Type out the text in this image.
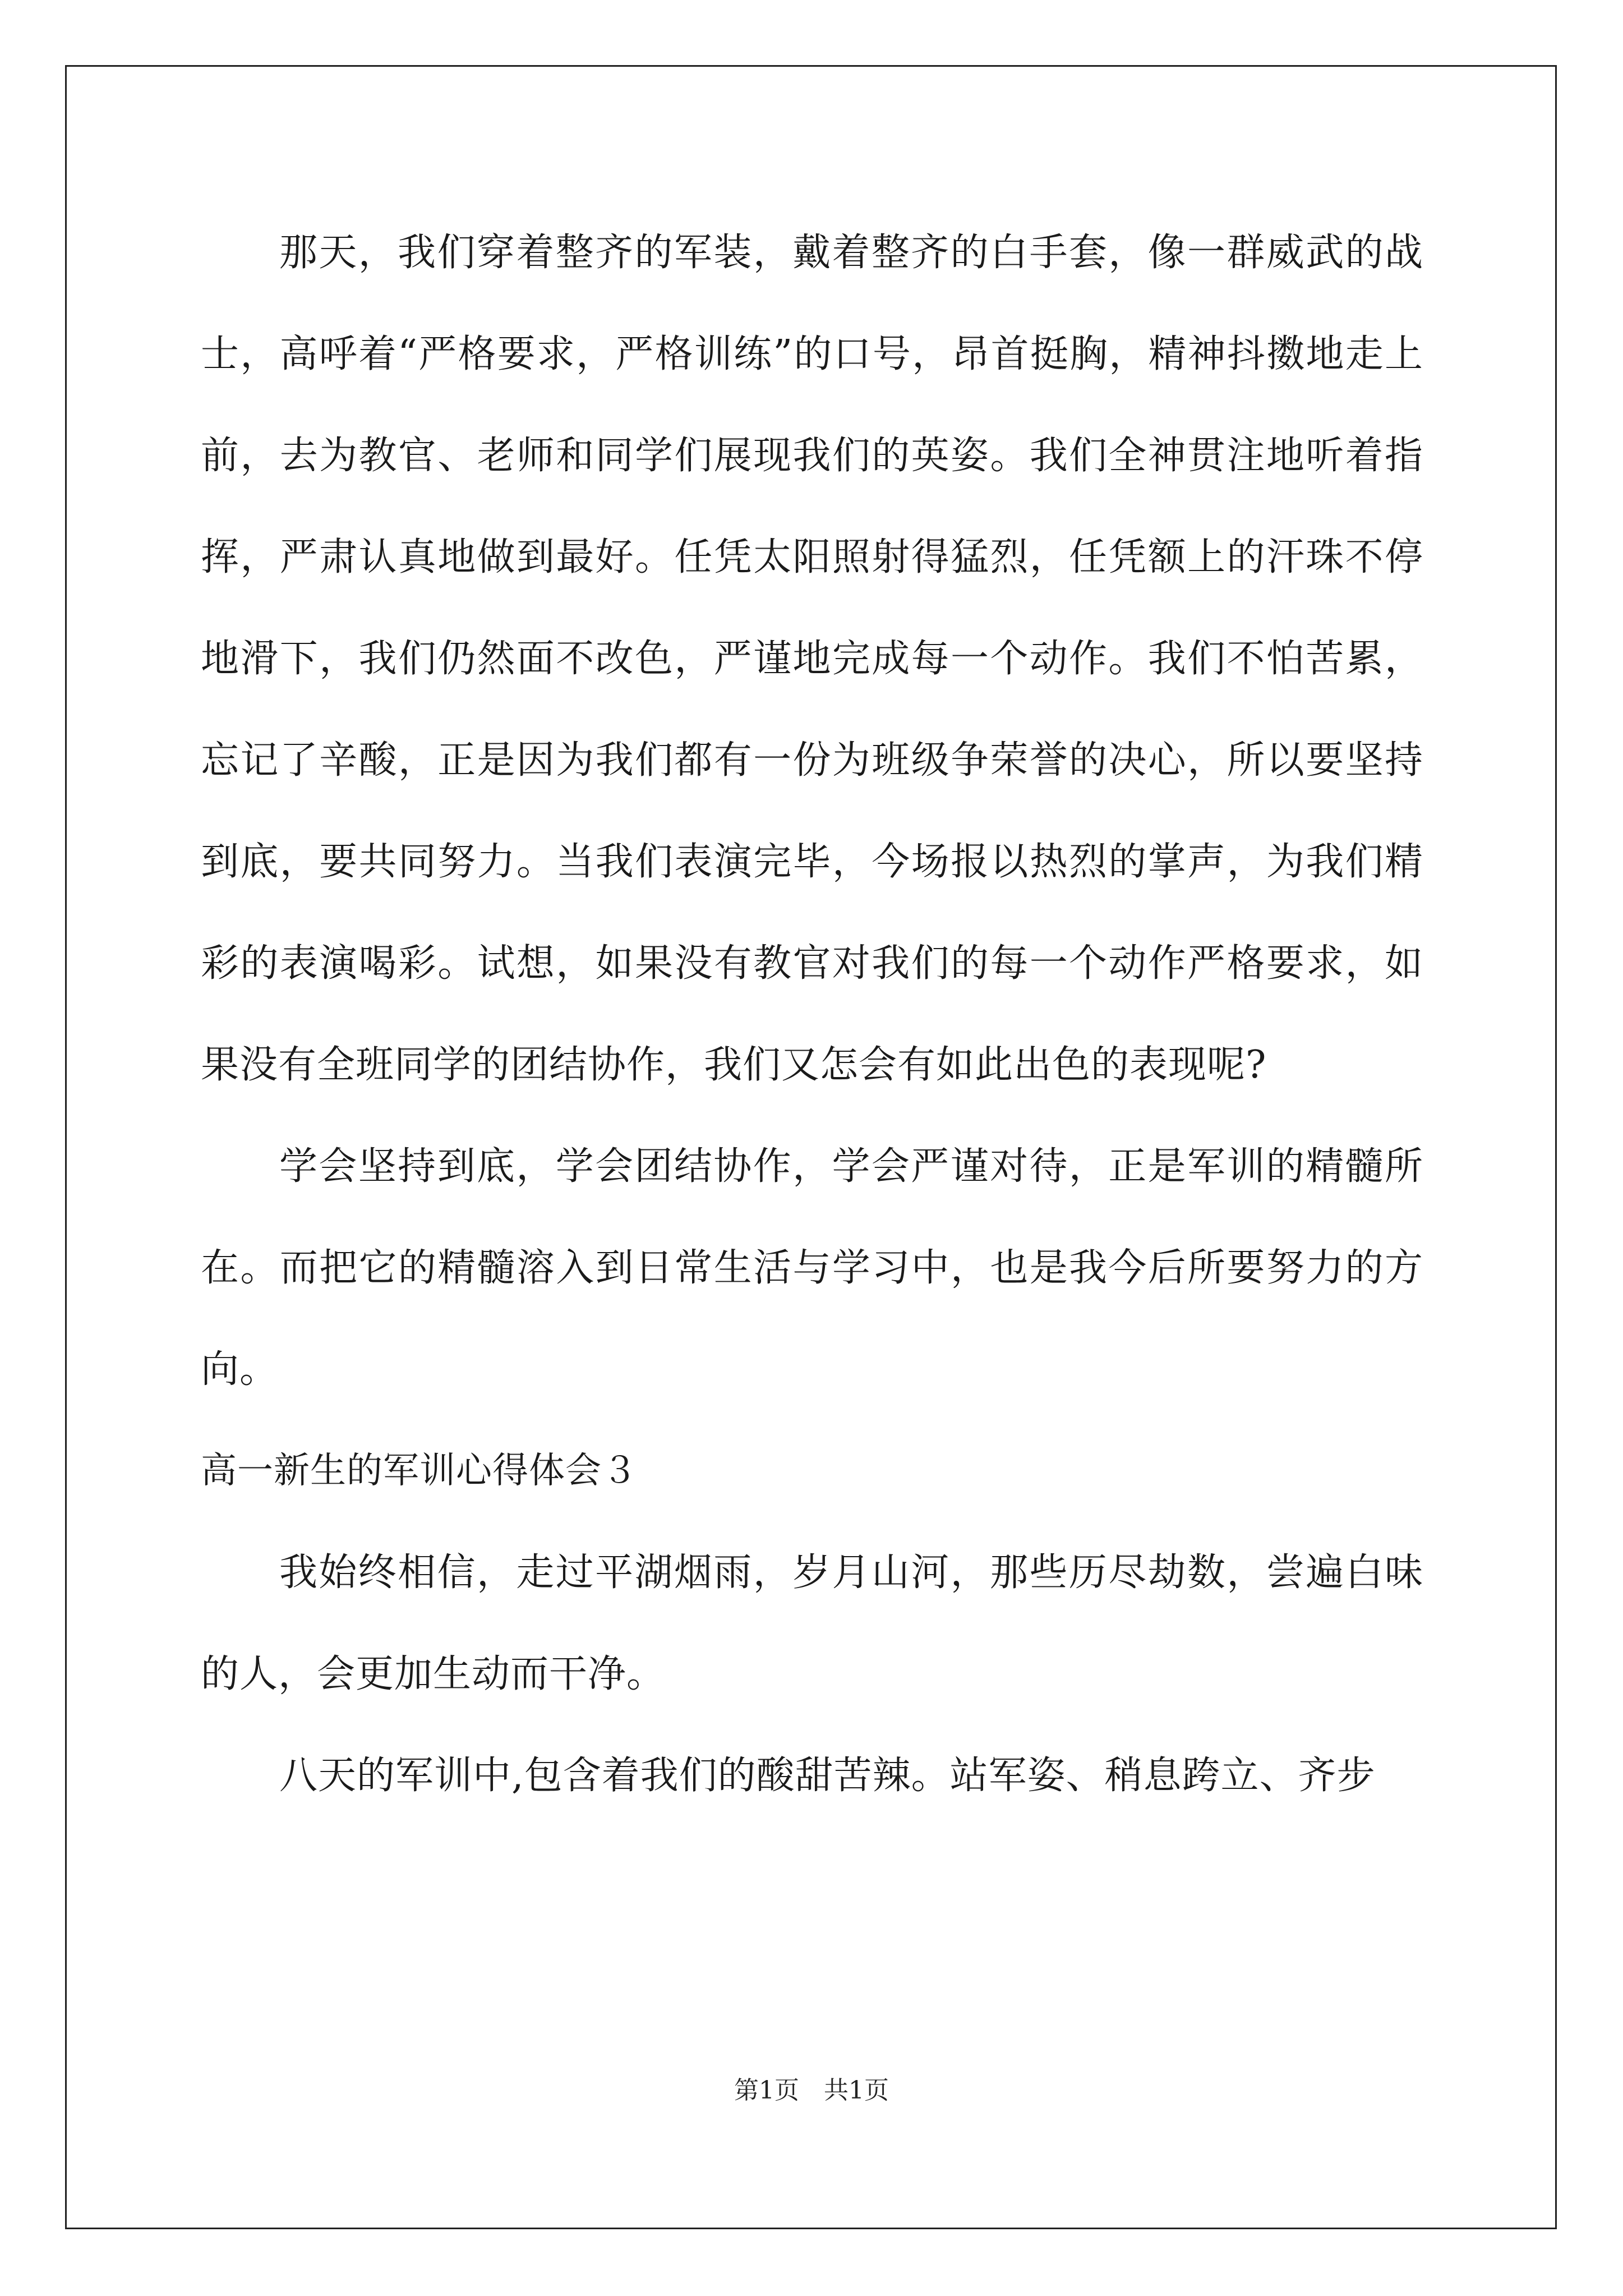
那天，我们穿着整齐的军装，戴着整齐的白手套，像一群威武的战士，高呼着“严格要求，严格训练”的口号，昂首挺胸，精神抖擞地走上前，去为教官、老师和同学们展现我们的英姿。我们全神贯注地听着指挥，严肃认真地做到最好。任凭太阳照射得猛烈，任凭额上的汗珠不停地滑下，我们仍然面不改色，严谨地完成每一个动作。我们不怕苦累，忘记了辛酸，正是因为我们都有一份为班级争荣誉的决心，所以要坚持到底，要共同努力。当我们表演完毕，今场报以热烈的掌声，为我们精彩的表演喝彩。试想，如果没有教官对我们的每一个动作严格要求，如果没有全班同学的团结协作，我们又怎会有如此出色的表现呢?

学会坚持到底，学会团结协作，学会严谨对待，正是军训的精髓所在。而把它的精髓溶入到日常生活与学习中，也是我今后所要努力的方向。

高一新生的军训心得体会３

我始终相信，走过平湖烟雨，岁月山河，那些历尽劫数，尝遍白味的人，会更加生动而干净。

八天的军训中,包含着我们的酸甜苦辣。站军姿、稍息跨立、齐步

第1页　共1页
